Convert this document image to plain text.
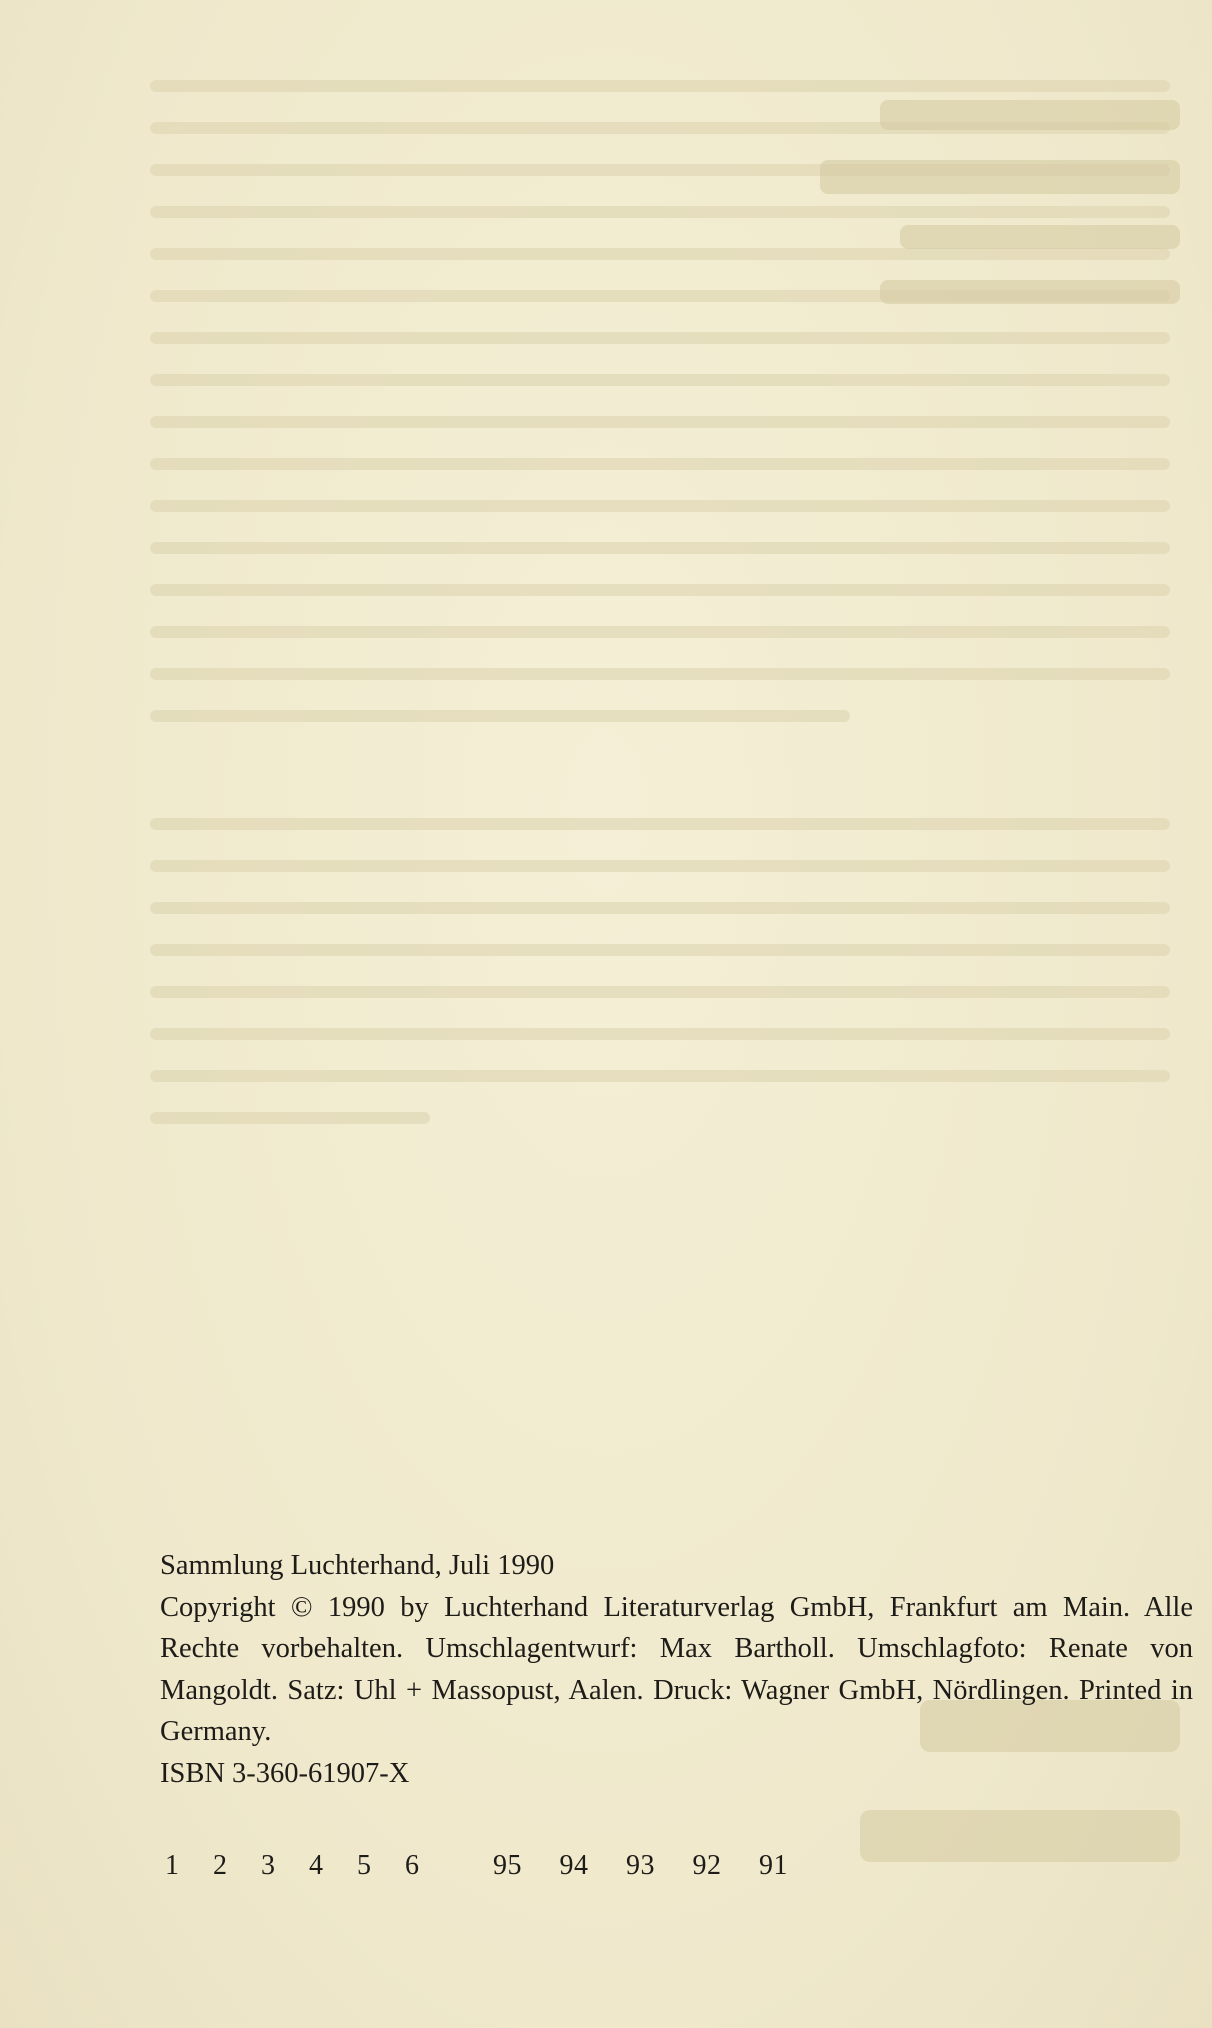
Sammlung Luchterhand, Juli 1990
Copyright © 1990 by Luchterhand Literaturverlag GmbH, Frankfurt am Main. Alle Rechte vorbehalten. Umschlagentwurf: Max Bartholl. Umschlagfoto: Renate von Mangoldt. Satz: Uhl + Massopust, Aalen. Druck: Wagner GmbH, Nördlingen. Printed in Germany.
ISBN 3-360-61907-X
1 2 3 4 5 6	95 94 93 92 91
